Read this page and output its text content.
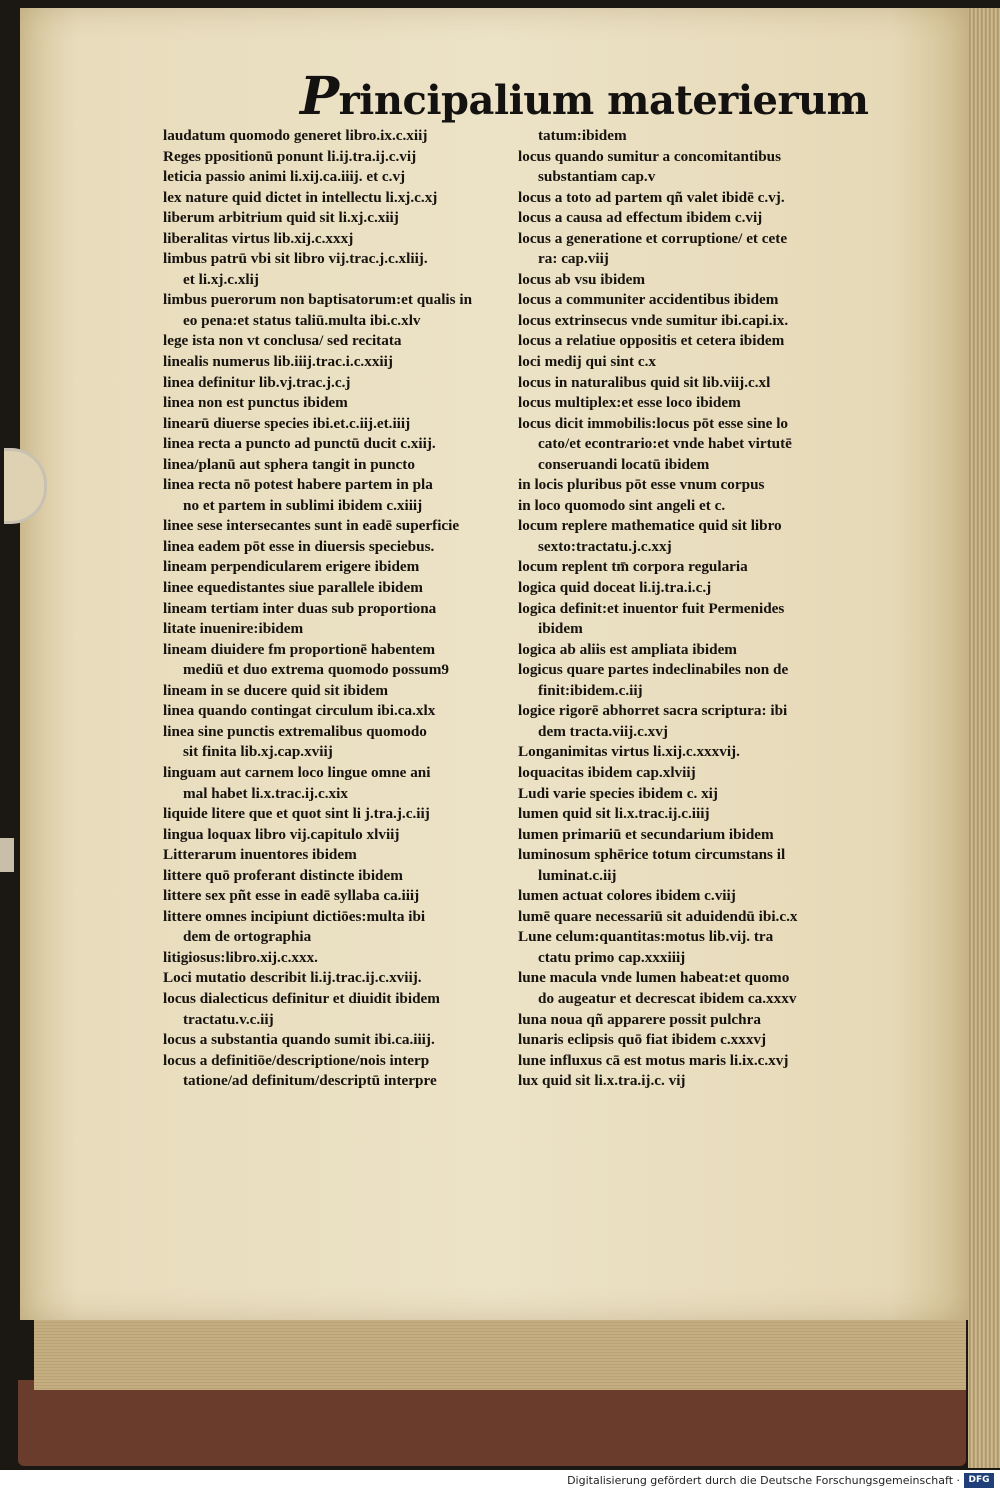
Principalium materierum
laudatum quomodo generet libro.ix.c.xiij
Reges ppositionū ponunt li.ij.tra.ij.c.vij
leticia passio animi li.xij.ca.iiij. et c.vj
lex nature quid dictet in intellectu li.xj.c.xj
liberum arbitrium quid sit li.xj.c.xiij
liberalitas virtus lib.xij.c.xxxj
limbus patrū vbi sit libro vij.trac.j.c.xliij.
et li.xj.c.xlij
limbus puerorum non baptisatorum:et qualis in
eo pena:et status taliū.multa ibi.c.xlv
lege ista non vt conclusa/ sed recitata
linealis numerus lib.iiij.trac.i.c.xxiij
linea definitur lib.vj.trac.j.c.j
linea non est punctus ibidem
linearū diuerse species ibi.et.c.iij.et.iiij
linea recta a puncto ad punctū ducit c.xiij.
linea/planū aut sphera tangit in puncto
linea recta nō potest habere partem in pla
no et partem in sublimi ibidem c.xiiij
linee sese intersecantes sunt in eadē superficie
linea eadem pōt esse in diuersis speciebus.
lineam perpendicularem erigere ibidem
linee equedistantes siue parallele ibidem
lineam tertiam inter duas sub proportiona
litate inuenire:ibidem
lineam diuidere fm proportionē habentem
mediū et duo extrema quomodo possum9
lineam in se ducere quid sit ibidem
linea quando contingat circulum ibi.ca.xlx
linea sine punctis extremalibus quomodo
sit finita lib.xj.cap.xviij
linguam aut carnem loco lingue omne ani
mal habet li.x.trac.ij.c.xix
liquide litere que et quot sint li j.tra.j.c.iij
lingua loquax libro vij.capitulo xlviij
Litterarum inuentores ibidem
littere quō proferant distincte ibidem
littere sex pñt esse in eadē syllaba ca.iiij
littere omnes incipiunt dictiōes:multa ibi
dem de ortographia
litigiosus:libro.xij.c.xxx.
Loci mutatio describit li.ij.trac.ij.c.xviij.
locus dialecticus definitur et diuidit ibidem
tractatu.v.c.iij
locus a substantia quando sumit ibi.ca.iiij.
locus a definitiōe/descriptione/nois interp
tatione/ad definitum/descriptū interpre
tatum:ibidem
locus quando sumitur a concomitantibus
substantiam cap.v
locus a toto ad partem qñ valet ibidē c.vj.
locus a causa ad effectum ibidem c.vij
locus a generatione et corruptione/ et cete
ra: cap.viij
locus ab vsu ibidem
locus a communiter accidentibus ibidem
locus extrinsecus vnde sumitur ibi.capi.ix.
locus a relatiue oppositis et cetera ibidem
loci medij qui sint c.x
locus in naturalibus quid sit lib.viij.c.xl
locus multiplex:et esse loco ibidem
locus dicit immobilis:locus pōt esse sine lo
cato/et econtrario:et vnde habet virtutē
conseruandi locatū ibidem
in locis pluribus pōt esse vnum corpus
in loco quomodo sint angeli et c.
locum replere mathematice quid sit libro
sexto:tractatu.j.c.xxj
locum replent tm̄ corpora regularia
logica quid doceat li.ij.tra.i.c.j
logica definit:et inuentor fuit Permenides
ibidem
logica ab aliis est ampliata ibidem
logicus quare partes indeclinabiles non de
finit:ibidem.c.iij
logice rigorē abhorret sacra scriptura: ibi
dem tracta.viij.c.xvj
Longanimitas virtus li.xij.c.xxxvij.
loquacitas ibidem cap.xlviij
Ludi varie species ibidem c. xij
lumen quid sit li.x.trac.ij.c.iiij
lumen primariū et secundarium ibidem
luminosum sphērice totum circumstans il
luminat.c.iij
lumen actuat colores ibidem c.viij
lumē quare necessariū sit aduidendū ibi.c.x
Lune celum:quantitas:motus lib.vij. tra
ctatu primo cap.xxxiiij
lune macula vnde lumen habeat:et quomo
do augeatur et decrescat ibidem ca.xxxv
luna noua qñ apparere possit pulchra
lunaris eclipsis quō fiat ibidem c.xxxvj
lune influxus cā est motus maris li.ix.c.xvj
lux quid sit li.x.tra.ij.c. vij
Digitalisierung gefördert durch die Deutsche Forschungsgemeinschaft · DFG
